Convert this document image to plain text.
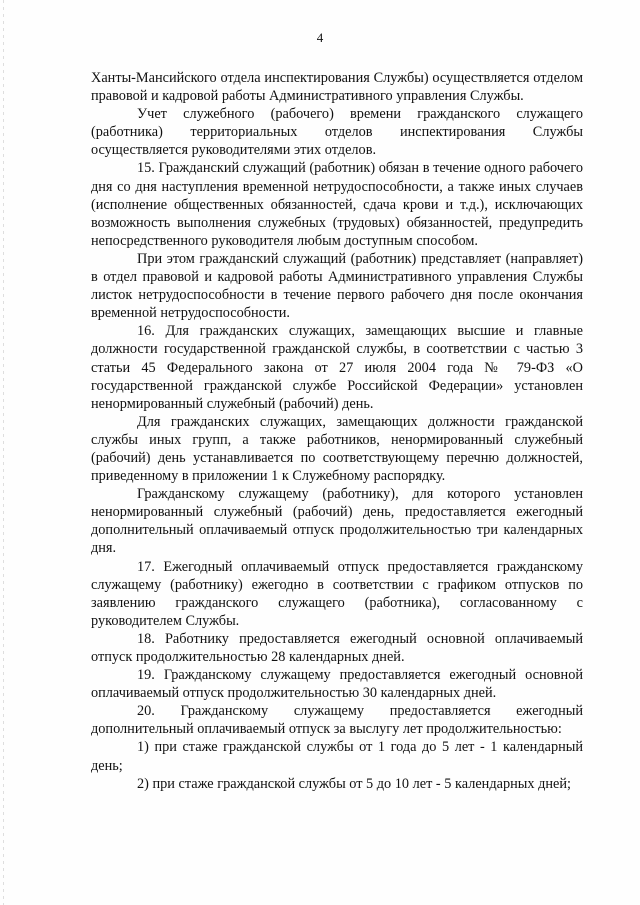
4

Ханты-Мансийского отдела инспектирования Службы) осуществляется отделом правовой и кадровой работы Административного управления Службы.

Учет служебного (рабочего) времени гражданского служащего (работника) территориальных отделов инспектирования Службы осуществляется руководителями этих отделов.

15. Гражданский служащий (работник) обязан в течение одного рабочего дня со дня наступления временной нетрудоспособности, а также иных случаев (исполнение общественных обязанностей, сдача крови и т.д.), исключающих возможность выполнения служебных (трудовых) обязанностей, предупредить непосредственного руководителя любым доступным способом.

При этом гражданский служащий (работник) представляет (направляет) в отдел правовой и кадровой работы Административного управления Службы листок нетрудоспособности в течение первого рабочего дня после окончания временной нетрудоспособности.

16. Для гражданских служащих, замещающих высшие и главные должности государственной гражданской службы, в соответствии с частью 3 статьи 45 Федерального закона от 27 июля 2004 года № 79-ФЗ «О государственной гражданской службе Российской Федерации» установлен ненормированный служебный (рабочий) день.

Для гражданских служащих, замещающих должности гражданской службы иных групп, а также работников, ненормированный служебный (рабочий) день устанавливается по соответствующему перечню должностей, приведенному в приложении 1 к Служебному распорядку.

Гражданскому служащему (работнику), для которого установлен ненормированный служебный (рабочий) день, предоставляется ежегодный дополнительный оплачиваемый отпуск продолжительностью три календарных дня.

17. Ежегодный оплачиваемый отпуск предоставляется гражданскому служащему (работнику) ежегодно в соответствии с графиком отпусков по заявлению гражданского служащего (работника), согласованному с руководителем Службы.

18. Работнику предоставляется ежегодный основной оплачиваемый отпуск продолжительностью 28 календарных дней.

19. Гражданскому служащему предоставляется ежегодный основной оплачиваемый отпуск продолжительностью 30 календарных дней.

20. Гражданскому служащему предоставляется ежегодный дополнительный оплачиваемый отпуск за выслугу лет продолжительностью:

1) при стаже гражданской службы от 1 года до 5 лет - 1 календарный день;

2) при стаже гражданской службы от 5 до 10 лет - 5 календарных дней;
